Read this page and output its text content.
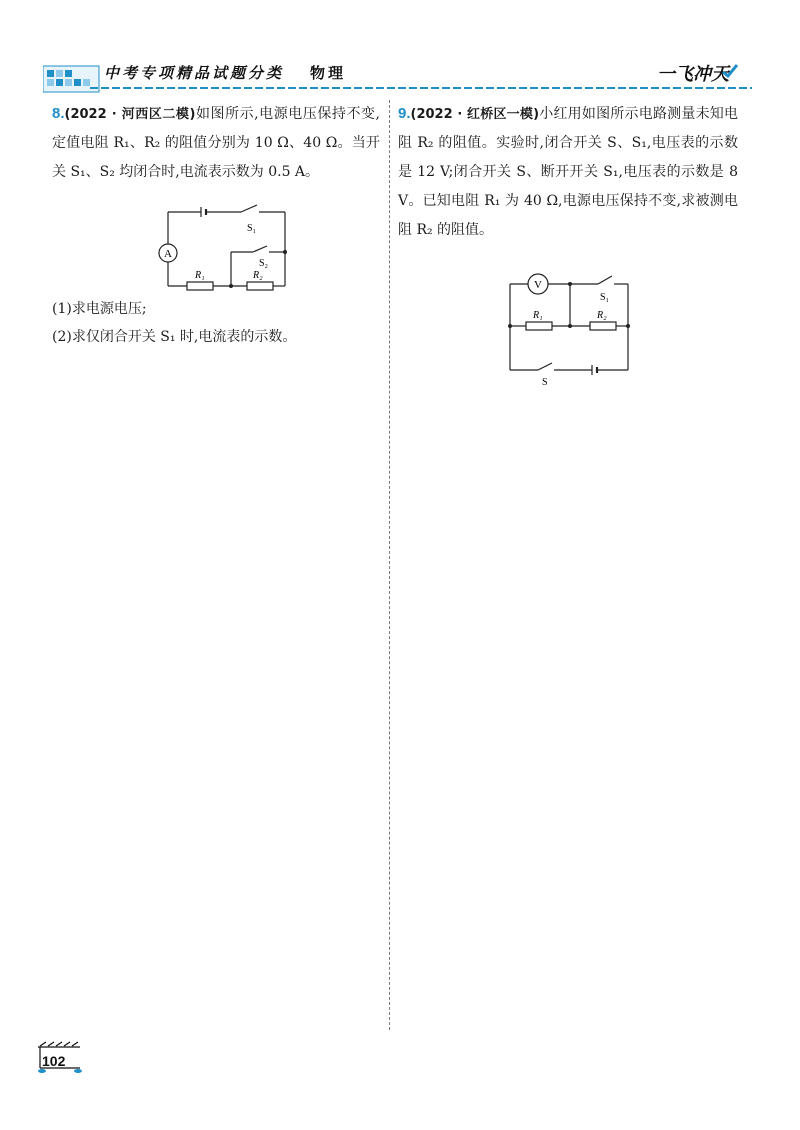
中考专项精品试题分类 物理	一飞冲天
8.(2022 · 河西区二模)如图所示,电源电压保持不变,定值电阻 R₁、R₂ 的阻值分别为 10 Ω、40 Ω。当开关 S₁、S₂ 均闭合时,电流表示数为 0.5 A。
A
S₁
S₂
R₁	R₂
(1)求电源电压;
(2)求仅闭合开关 S₁ 时,电流表的示数。
9.(2022 · 红桥区一模)小红用如图所示电路测量未知电阻 R₂ 的阻值。实验时,闭合开关 S、S₁,电压表的示数是 12 V;闭合开关 S、断开开关 S₁,电压表的示数是 8 V。已知电阻 R₁ 为 40 Ω,电源电压保持不变,求被测电阻 R₂ 的阻值。
V
S₁
R₁	R₂
S
102
